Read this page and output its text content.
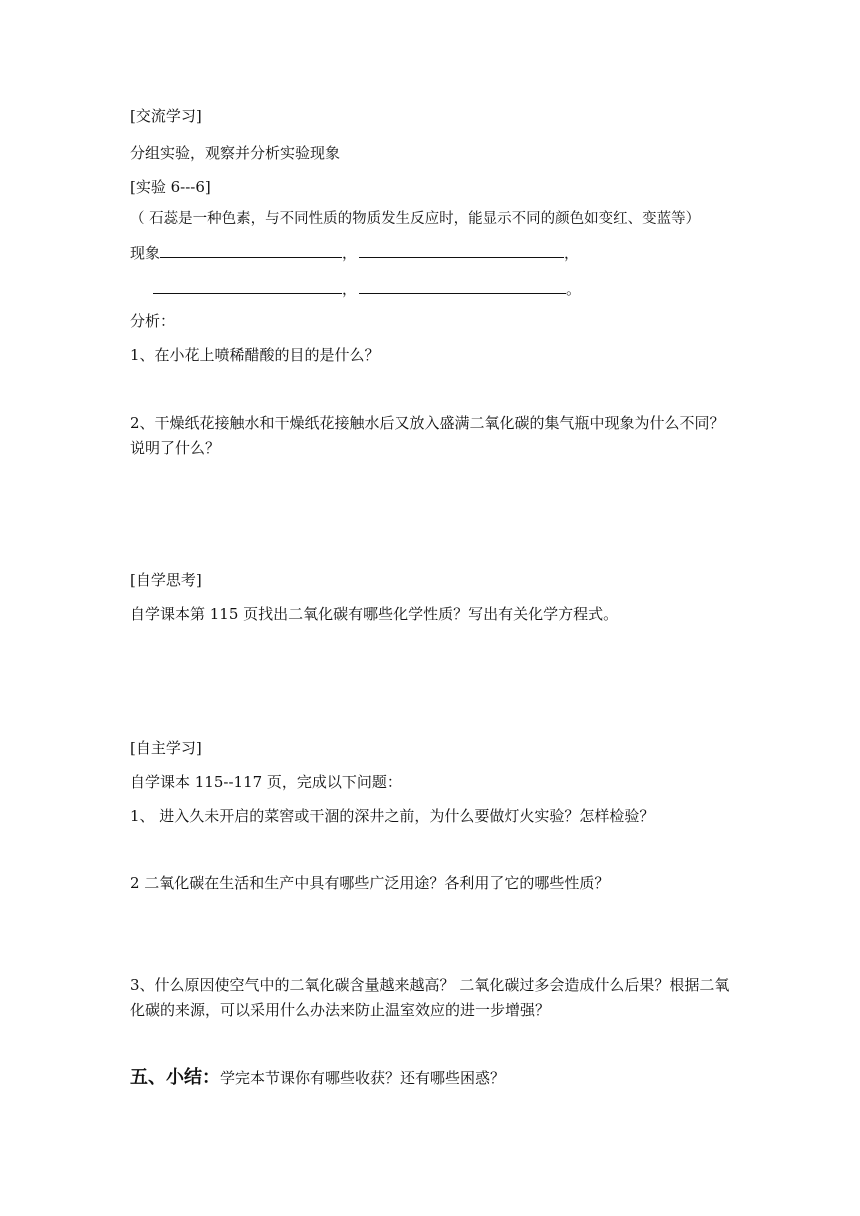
[交流学习]
分组实验，观察并分析实验现象
[实验 6---6]
（ 石蕊是一种色素，与不同性质的物质发生反应时，能显示不同的颜色如变红、变蓝等）
现象	，	，
，	。
分析：
1、在小花上喷稀醋酸的目的是什么？
2、干燥纸花接触水和干燥纸花接触水后又放入盛满二氧化碳的集气瓶中现象为什么不同？
说明了什么？
[自学思考]
自学课本第 115 页找出二氧化碳有哪些化学性质？写出有关化学方程式。
[自主学习]
自学课本 115--117 页，完成以下问题：
1、 进入久未开启的菜窖或干涸的深井之前，为什么要做灯火实验？怎样检验？
2 二氧化碳在生活和生产中具有哪些广泛用途？各利用了它的哪些性质？
3、什么原因使空气中的二氧化碳含量越来越高？ 二氧化碳过多会造成什么后果？根据二氧
化碳的来源，可以采用什么办法来防止温室效应的进一步增强？
五、小结：学完本节课你有哪些收获？还有哪些困惑？
